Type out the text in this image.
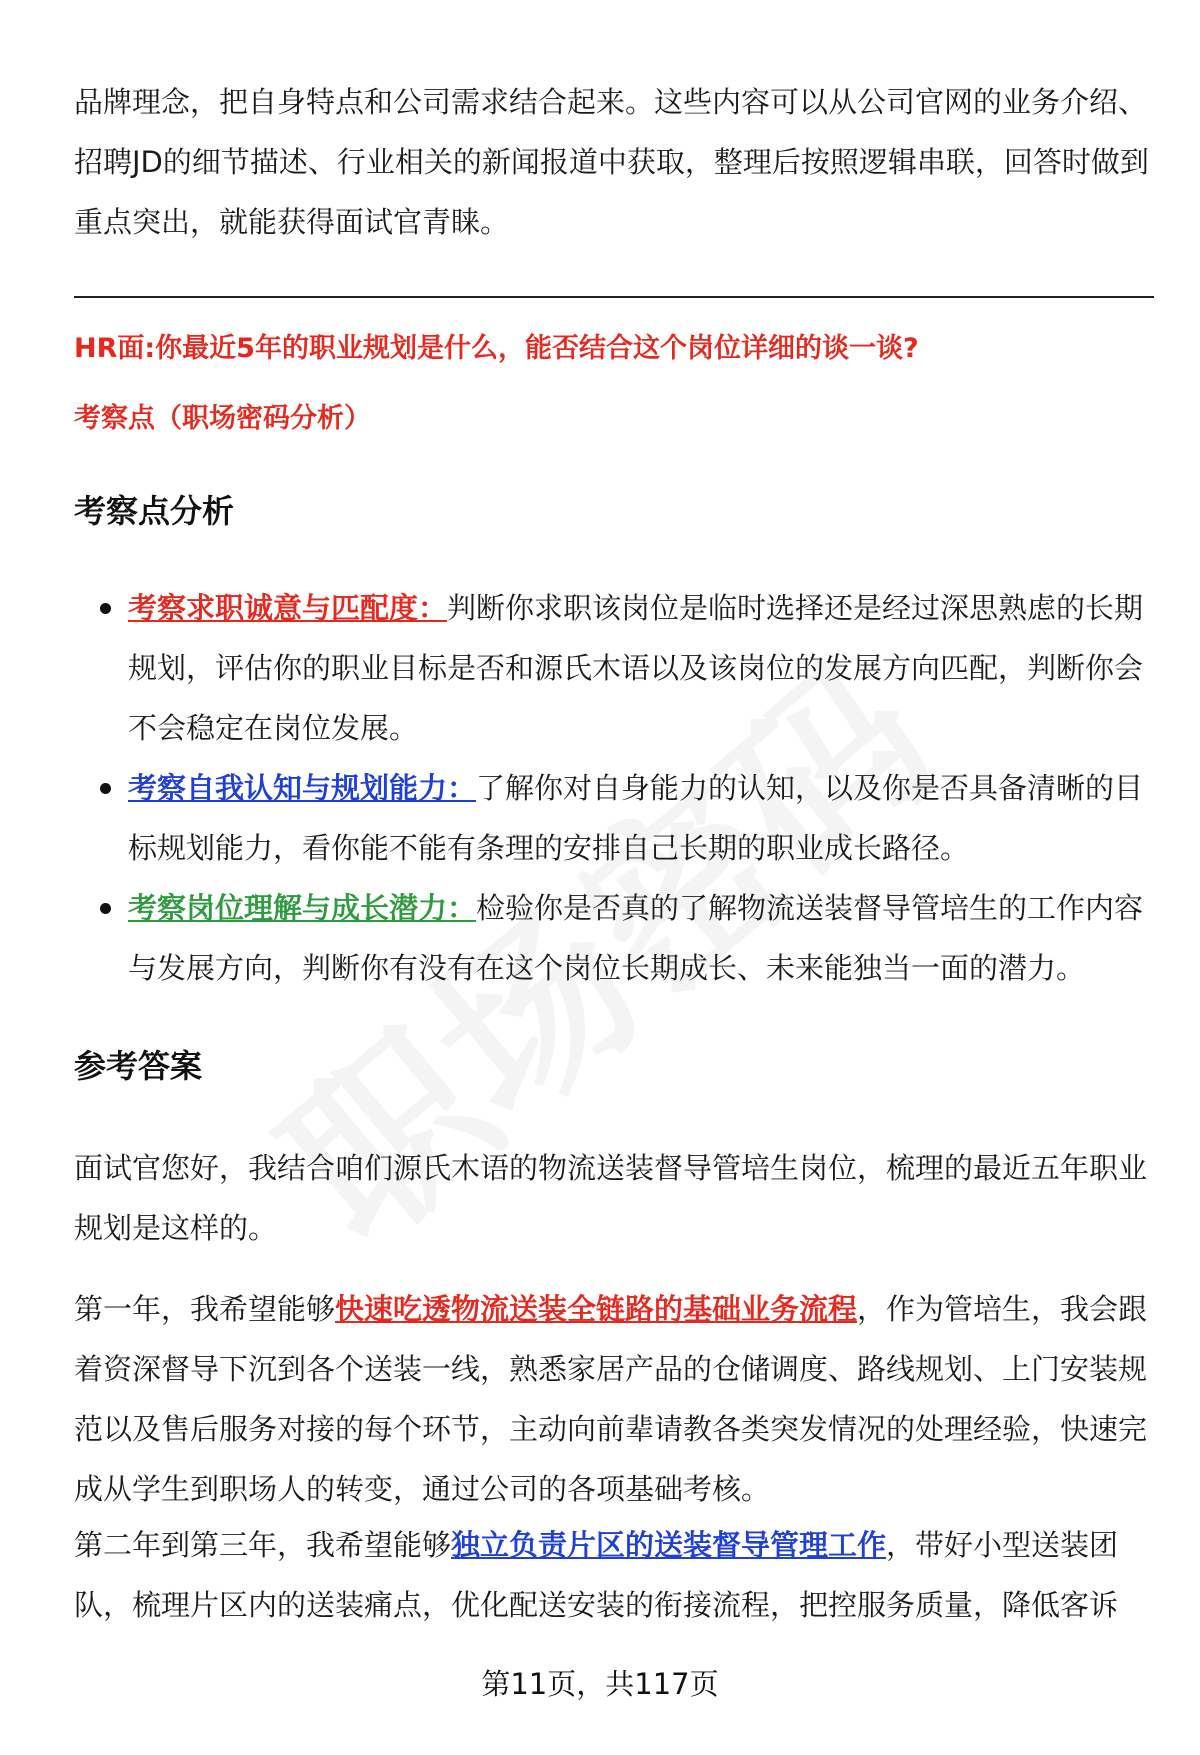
品牌理念，把自身特点和公司需求结合起来。这些内容可以从公司官网的业务介绍、招聘JD的细节描述、行业相关的新闻报道中获取，整理后按照逻辑串联，回答时做到重点突出，就能获得面试官青睐。

HR面:你最近5年的职业规划是什么，能否结合这个岗位详细的谈一谈?

考察点（职场密码分析）

考察点分析
考察求职诚意与匹配度：判断你求职该岗位是临时选择还是经过深思熟虑的长期规划，评估你的职业目标是否和源氏木语以及该岗位的发展方向匹配，判断你会不会稳定在岗位发展。
考察自我认知与规划能力：了解你对自身能力的认知，以及你是否具备清晰的目标规划能力，看你能不能有条理的安排自己长期的职业成长路径。
考察岗位理解与成长潜力：检验你是否真的了解物流送装督导管培生的工作内容与发展方向，判断你有没有在这个岗位长期成长、未来能独当一面的潜力。
参考答案

面试官您好，我结合咱们源氏木语的物流送装督导管培生岗位，梳理的最近五年职业规划是这样的。

第一年，我希望能够快速吃透物流送装全链路的基础业务流程，作为管培生，我会跟着资深督导下沉到各个送装一线，熟悉家居产品的仓储调度、路线规划、上门安装规范以及售后服务对接的每个环节，主动向前辈请教各类突发情况的处理经验，快速完成从学生到职场人的转变，通过公司的各项基础考核。

第二年到第三年，我希望能够独立负责片区的送装督导管理工作，带好小型送装团队，梳理片区内的送装痛点，优化配送安装的衔接流程，把控服务质量，降低客诉

第11页，共117页
